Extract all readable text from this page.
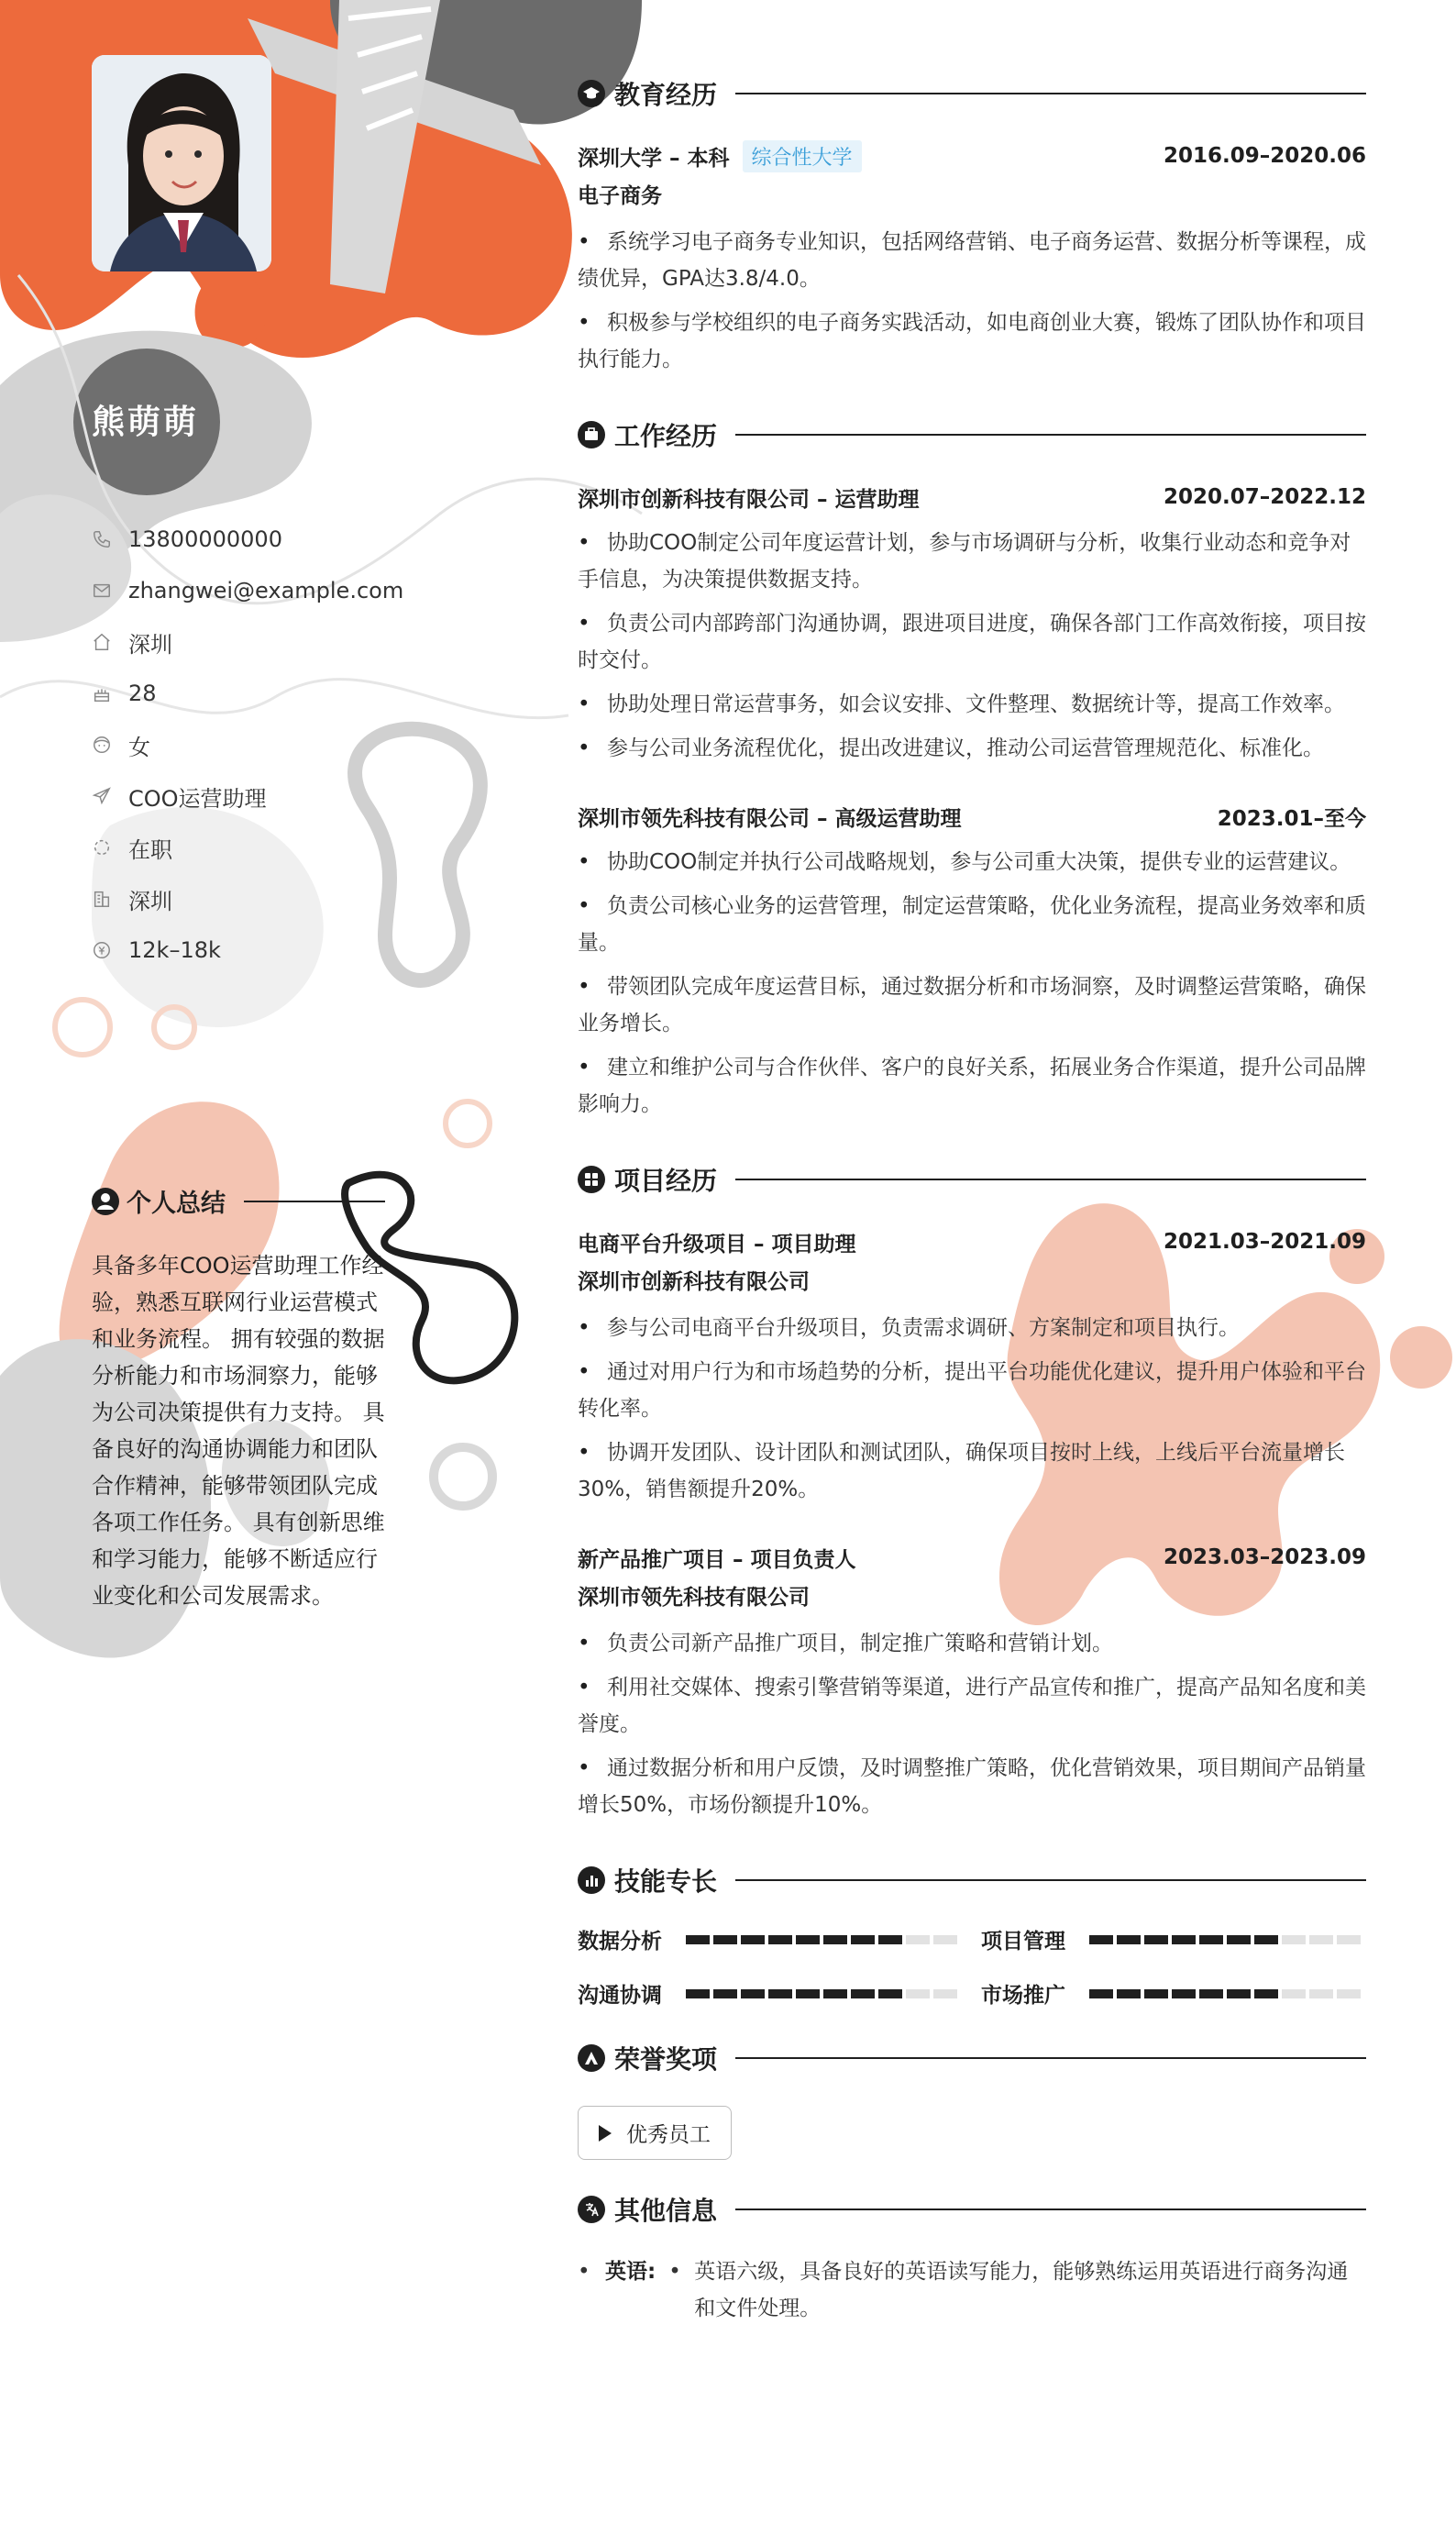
熊萌萌
13800000000
zhangwei@example.com
深圳
28
女
COO运营助理
在职
深圳
12k–18k
个人总结
具备多年COO运营助理工作经验，熟悉互联网行业运营模式和业务流程。 拥有较强的数据分析能力和市场洞察力，能够为公司决策提供有力支持。 具备良好的沟通协调能力和团队合作精神，能够带领团队完成各项工作任务。 具有创新思维和学习能力，能够不断适应行业变化和公司发展需求。
教育经历
深圳大学 – 本科	综合性大学	2016.09–2020.06
电子商务
• 系统学习电子商务专业知识，包括网络营销、电子商务运营、数据分析等课程，成绩优异，GPA达3.8/4.0。
• 积极参与学校组织的电子商务实践活动，如电商创业大赛，锻炼了团队协作和项目执行能力。
工作经历
深圳市创新科技有限公司 – 运营助理	2020.07–2022.12
• 协助COO制定公司年度运营计划，参与市场调研与分析，收集行业动态和竞争对手信息，为决策提供数据支持。
• 负责公司内部跨部门沟通协调，跟进项目进度，确保各部门工作高效衔接，项目按时交付。
• 协助处理日常运营事务，如会议安排、文件整理、数据统计等，提高工作效率。
• 参与公司业务流程优化，提出改进建议，推动公司运营管理规范化、标准化。
深圳市领先科技有限公司 – 高级运营助理	2023.01–至今
• 协助COO制定并执行公司战略规划，参与公司重大决策，提供专业的运营建议。
• 负责公司核心业务的运营管理，制定运营策略，优化业务流程，提高业务效率和质量。
• 带领团队完成年度运营目标，通过数据分析和市场洞察，及时调整运营策略，确保业务增长。
• 建立和维护公司与合作伙伴、客户的良好关系，拓展业务合作渠道，提升公司品牌影响力。
项目经历
电商平台升级项目 – 项目助理	2021.03–2021.09
深圳市创新科技有限公司
• 参与公司电商平台升级项目，负责需求调研、方案制定和项目执行。
• 通过对用户行为和市场趋势的分析，提出平台功能优化建议，提升用户体验和平台转化率。
• 协调开发团队、设计团队和测试团队，确保项目按时上线，上线后平台流量增长30%，销售额提升20%。
新产品推广项目 – 项目负责人	2023.03–2023.09
深圳市领先科技有限公司
• 负责公司新产品推广项目，制定推广策略和营销计划。
• 利用社交媒体、搜索引擎营销等渠道，进行产品宣传和推广，提高产品知名度和美誉度。
• 通过数据分析和用户反馈，及时调整推广策略，优化营销效果，项目期间产品销量增长50%，市场份额提升10%。
技能专长
数据分析	项目管理
沟通协调	市场推广
荣誉奖项
优秀员工
其他信息
• 英语: • 英语六级，具备良好的英语读写能力，能够熟练运用英语进行商务沟通和文件处理。
